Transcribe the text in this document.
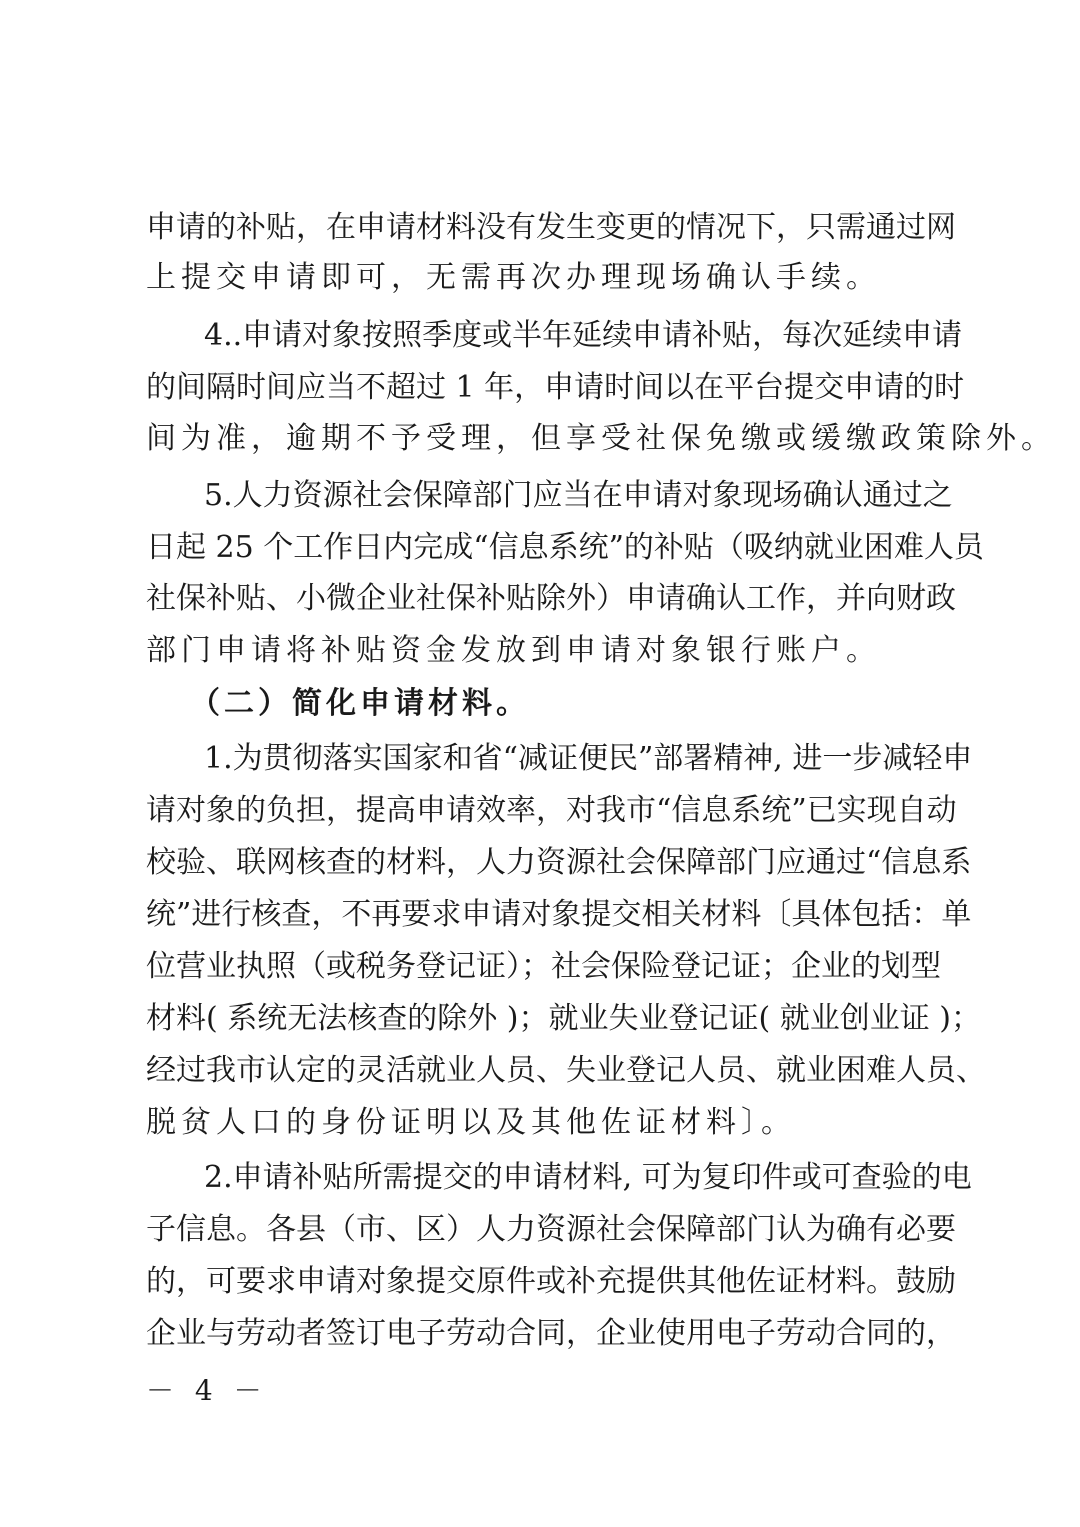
申请的补贴，在申请材料没有发生变更的情况下，只需通过网
上提交申请即可，无需再次办理现场确认手续。
4..申请对象按照季度或半年延续申请补贴，每次延续申请
的间隔时间应当不超过 1 年，申请时间以在平台提交申请的时
间为准，逾期不予受理，但享受社保免缴或缓缴政策除外。
5.人力资源社会保障部门应当在申请对象现场确认通过之
日起 25 个工作日内完成“信息系统”的补贴（吸纳就业困难人员
社保补贴、小微企业社保补贴除外）申请确认工作，并向财政
部门申请将补贴资金发放到申请对象银行账户。
（二）简化申请材料。
1.为贯彻落实国家和省“减证便民”部署精神, 进一步减轻申
请对象的负担，提高申请效率，对我市“信息系统”已实现自动
校验、联网核查的材料，人力资源社会保障部门应通过“信息系
统”进行核查，不再要求申请对象提交相关材料〔具体包括：单
位营业执照（或税务登记证）；社会保险登记证；企业的划型
材料( 系统无法核查的除外 )；就业失业登记证( 就业创业证 )；
经过我市认定的灵活就业人员、失业登记人员、就业困难人员、
脱贫人口的身份证明以及其他佐证材料〕。
2.申请补贴所需提交的申请材料, 可为复印件或可查验的电
子信息。各县（市、区）人力资源社会保障部门认为确有必要
的，可要求申请对象提交原件或补充提供其他佐证材料。鼓励
企业与劳动者签订电子劳动合同，企业使用电子劳动合同的，
－ 4 －
